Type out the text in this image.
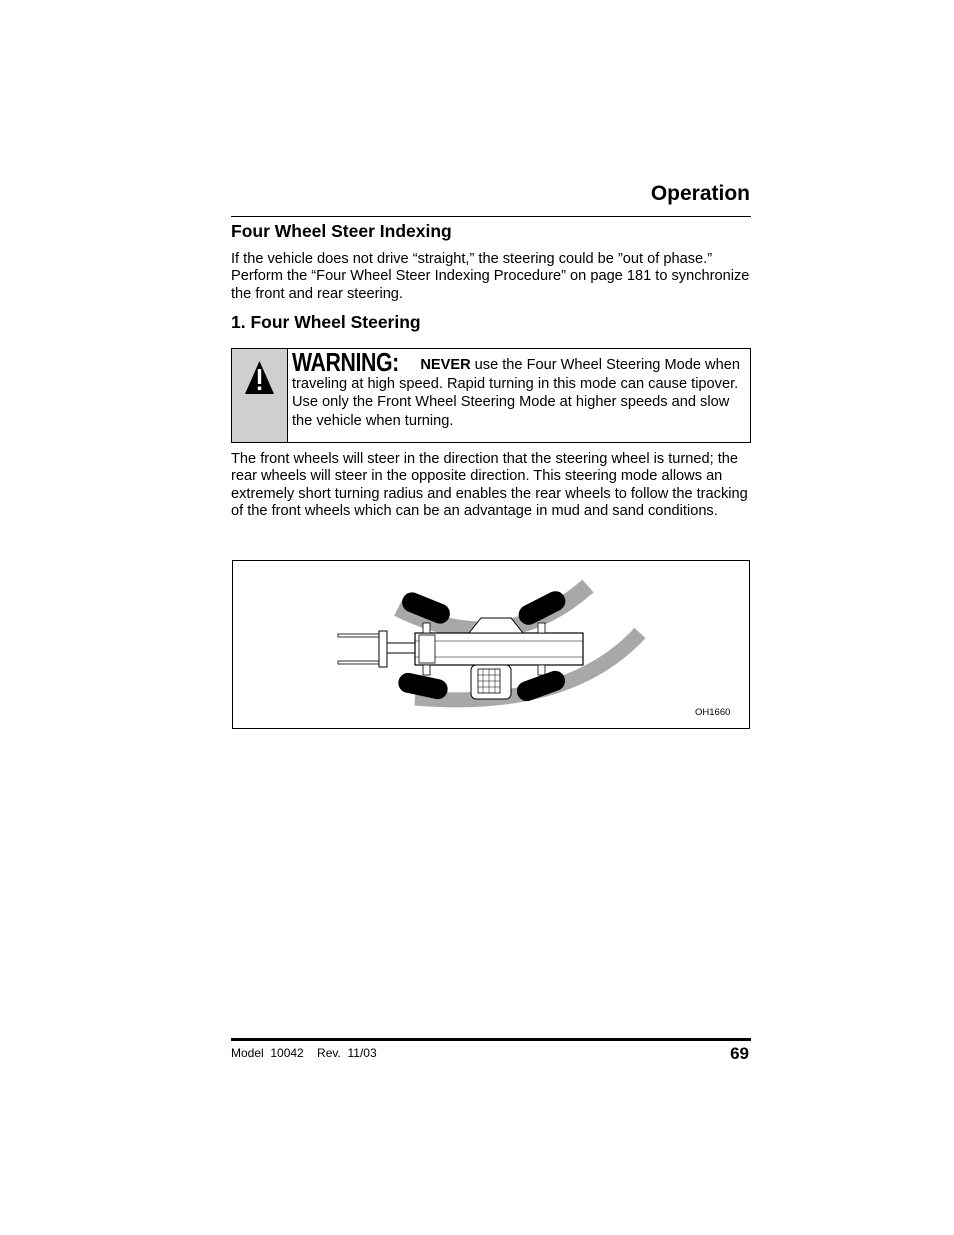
Operation
Four Wheel Steer Indexing
If the vehicle does not drive “straight,” the steering could be ”out of phase.” Perform the “Four Wheel Steer Indexing Procedure” on page 181 to synchronize the front and rear steering.
1. Four Wheel Steering
WARNING: NEVER use the Four Wheel Steering Mode when traveling at high speed. Rapid turning in this mode can cause tipover. Use only the Front Wheel Steering Mode at higher speeds and slow the vehicle when turning.
The front wheels will steer in the direction that the steering wheel is turned; the rear wheels will steer in the opposite direction. This steering mode allows an extremely short turning radius and enables the rear wheels to follow the tracking of the front wheels which can be an advantage in mud and sand conditions.
OH1660
Model  10042    Rev.  11/03	69
